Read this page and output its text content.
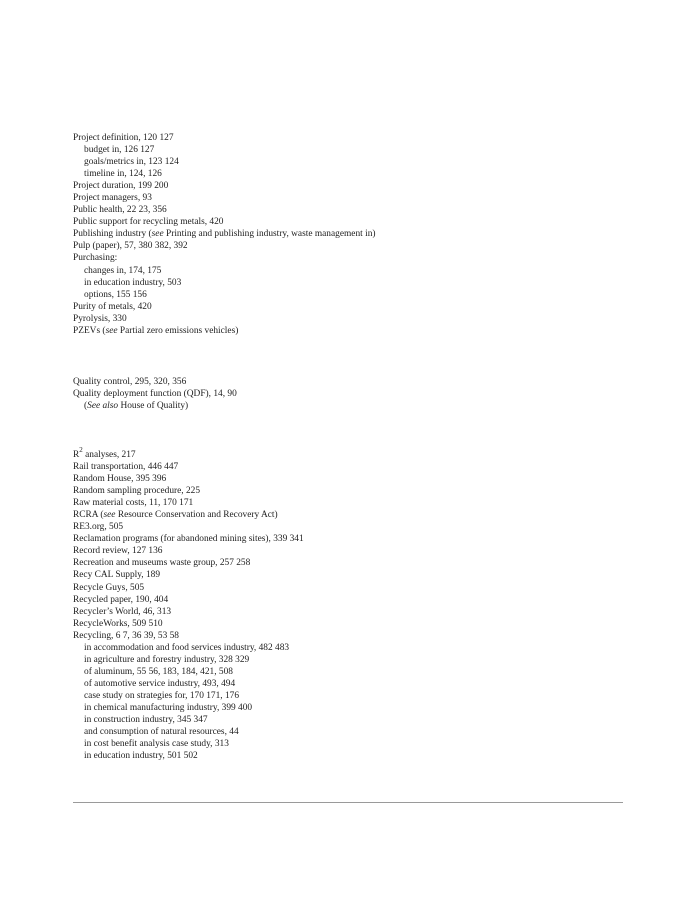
Project definition, 120 127
budget in, 126 127
goals/metrics in, 123 124
timeline in, 124, 126
Project duration, 199 200
Project managers, 93
Public health, 22 23, 356
Public support for recycling metals, 420
Publishing industry (see Printing and publishing industry, waste management in)
Pulp (paper), 57, 380 382, 392
Purchasing:
changes in, 174, 175
in education industry, 503
options, 155 156
Purity of metals, 420
Pyrolysis, 330
PZEVs (see Partial zero emissions vehicles)
Quality control, 295, 320, 356
Quality deployment function (QDF), 14, 90
(See also House of Quality)
$R^2$ analyses, 217
Rail transportation, 446 447
Random House, 395 396
Random sampling procedure, 225
Raw material costs, 11, 170 171
RCRA (see Resource Conservation and Recovery Act)
RE3.org, 505
Reclamation programs (for abandoned mining sites), 339 341
Record review, 127 136
Recreation and museums waste group, 257 258
Recy CAL Supply, 189
Recycle Guys, 505
Recycled paper, 190, 404
Recycler’s World, 46, 313
RecycleWorks, 509 510
Recycling, 6 7, 36 39, 53 58
in accommodation and food services industry, 482 483
in agriculture and forestry industry, 328 329
of aluminum, 55 56, 183, 184, 421, 508
of automotive service industry, 493, 494
case study on strategies for, 170 171, 176
in chemical manufacturing industry, 399 400
in construction industry, 345 347
and consumption of natural resources, 44
in cost benefit analysis case study, 313
in education industry, 501 502
